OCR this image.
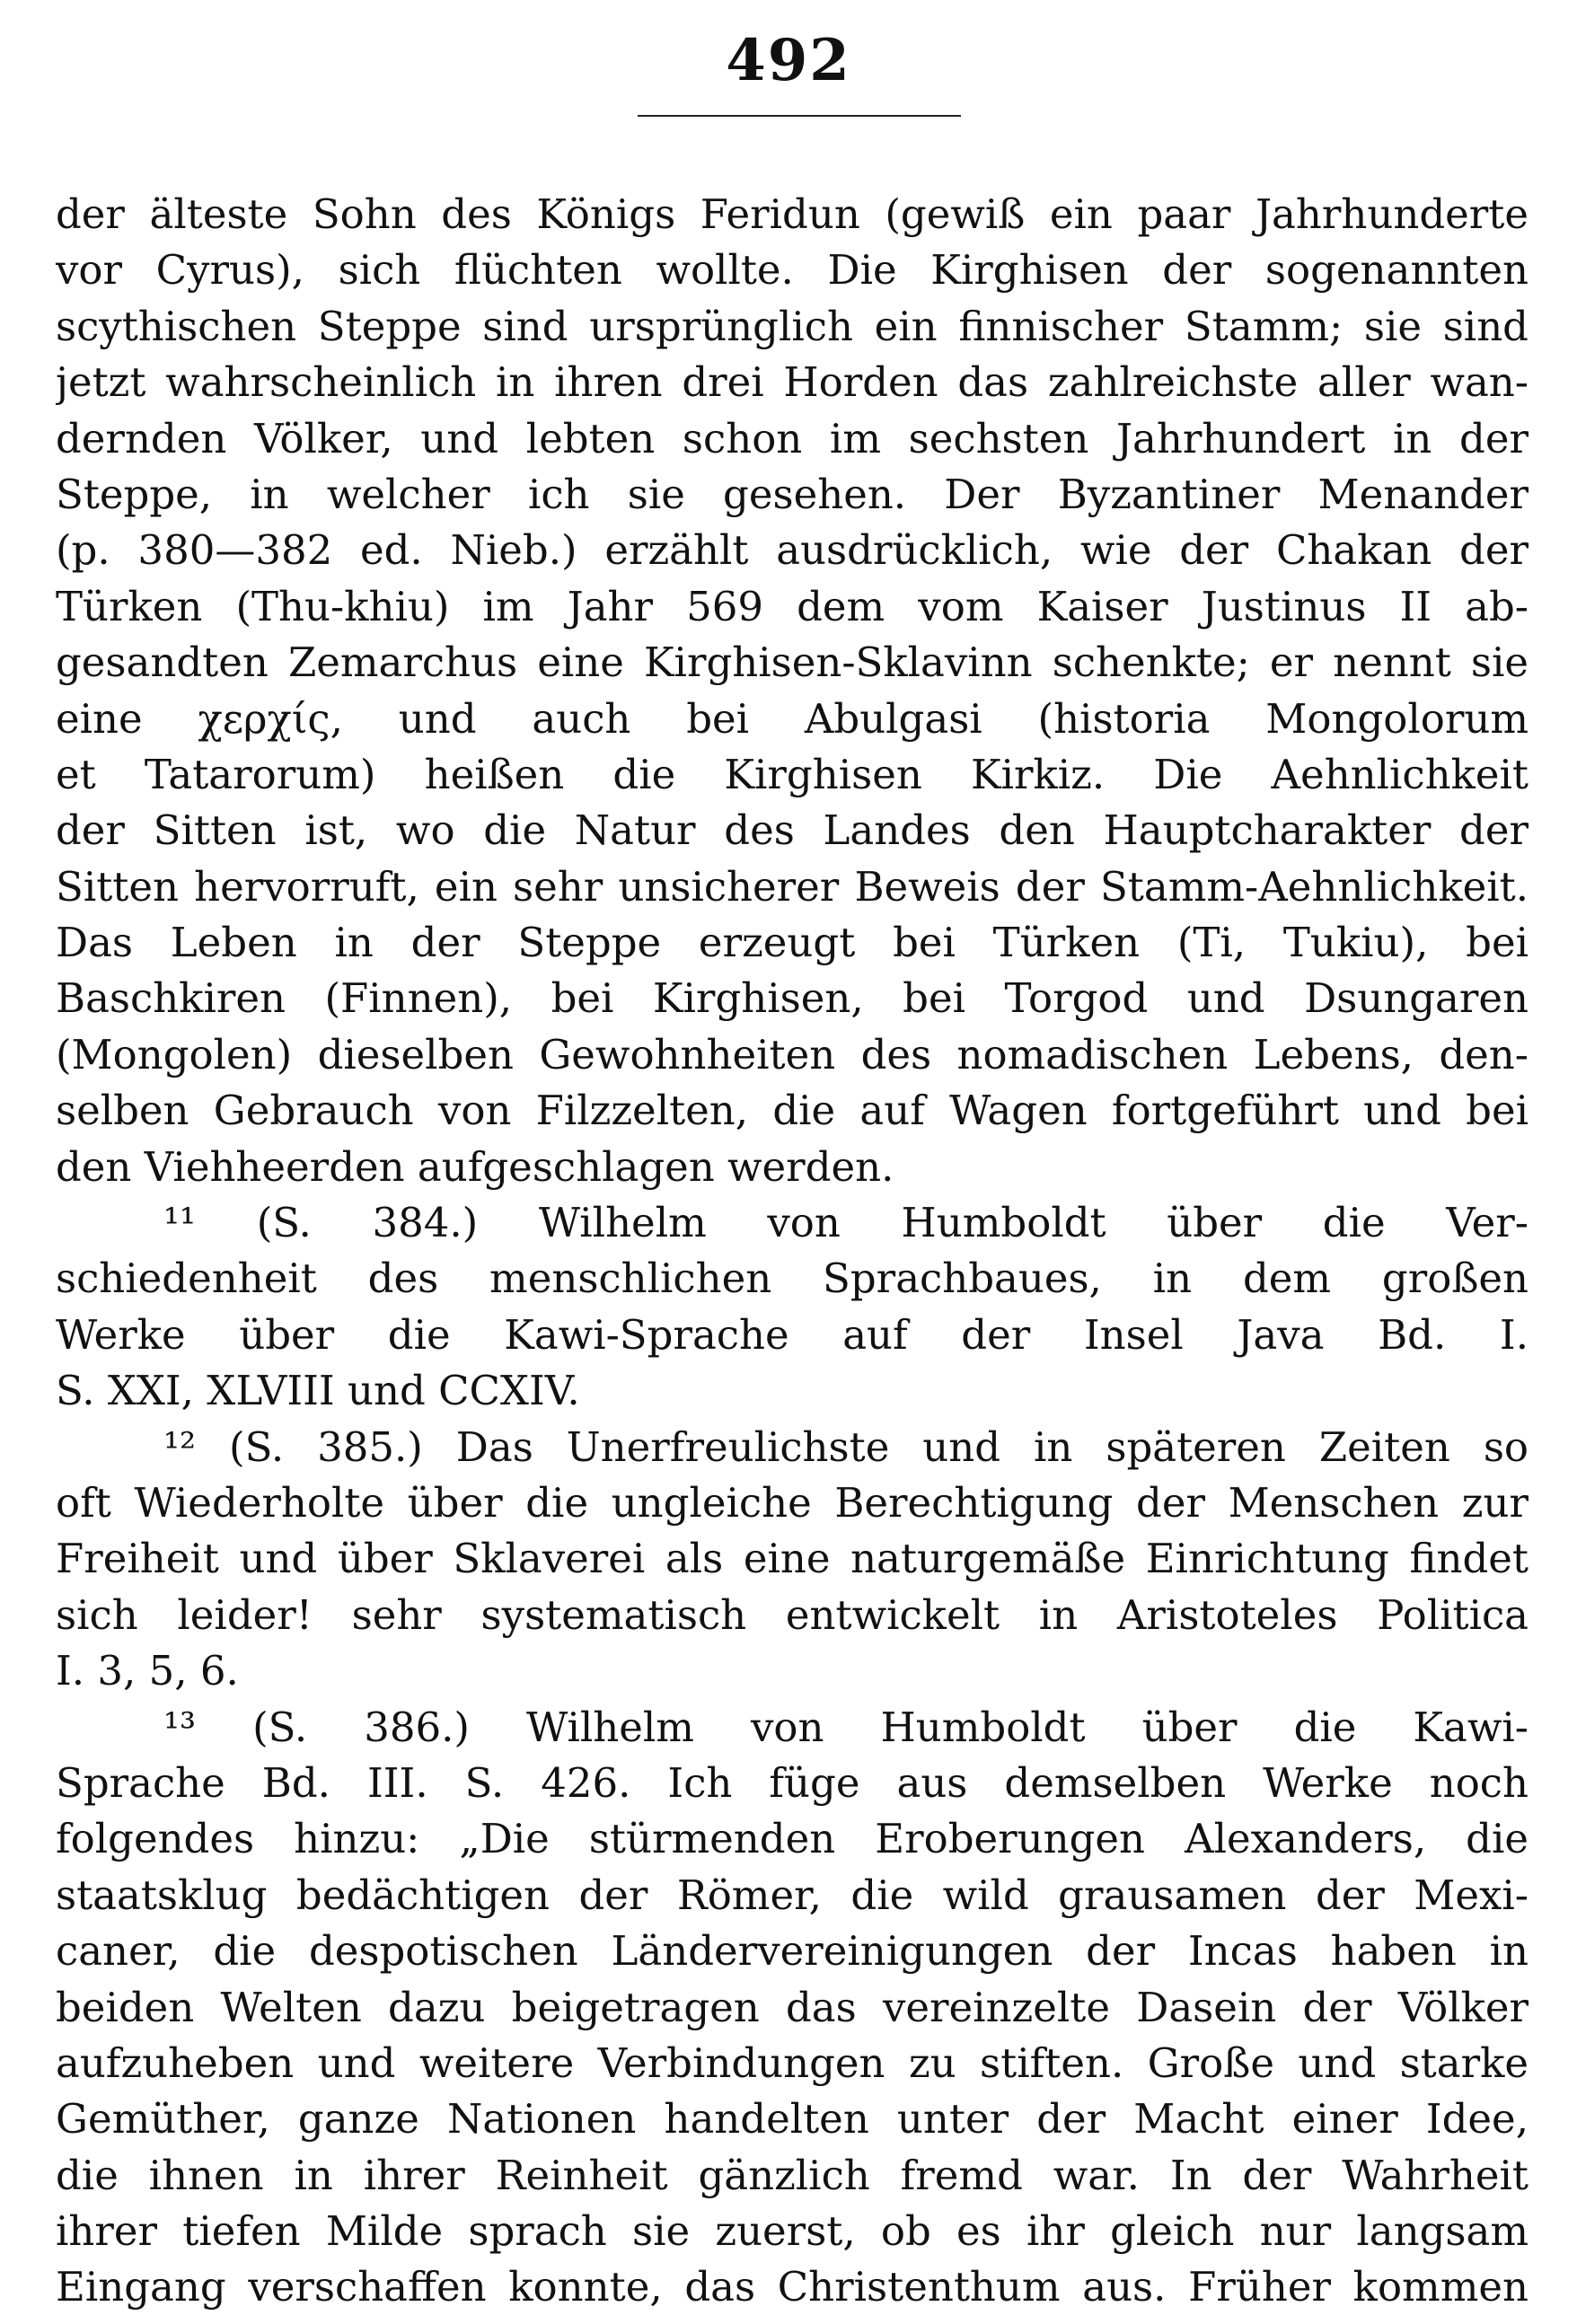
492
der älteste Sohn des Königs Feridun (gewiß ein paar Jahrhunderte
vor Cyrus), sich flüchten wollte. Die Kirghisen der sogenannten
scythischen Steppe sind ursprünglich ein finnischer Stamm; sie sind
jetzt wahrscheinlich in ihren drei Horden das zahlreichste aller wan-
dernden Völker, und lebten schon im sechsten Jahrhundert in der
Steppe, in welcher ich sie gesehen. Der Byzantiner Menander
(p. 380—382 ed. Nieb.) erzählt ausdrücklich, wie der Chakan der
Türken (Thu-khiu) im Jahr 569 dem vom Kaiser Justinus II ab-
gesandten Zemarchus eine Kirghisen-Sklavinn schenkte; er nennt sie
eine χερχίς, und auch bei Abulgasi (historia Mongolorum
et Tatarorum) heißen die Kirghisen Kirkiz. Die Aehnlichkeit
der Sitten ist, wo die Natur des Landes den Hauptcharakter der
Sitten hervorruft, ein sehr unsicherer Beweis der Stamm-Aehnlichkeit.
Das Leben in der Steppe erzeugt bei Türken (Ti, Tukiu), bei
Baschkiren (Finnen), bei Kirghisen, bei Torgod und Dsungaren
(Mongolen) dieselben Gewohnheiten des nomadischen Lebens, den-
selben Gebrauch von Filzzelten, die auf Wagen fortgeführt und bei
den Viehheerden aufgeschlagen werden.
¹¹ (S. 384.) Wilhelm von Humboldt über die Ver-
schiedenheit des menschlichen Sprachbaues, in dem großen
Werke über die Kawi-Sprache auf der Insel Java Bd. I.
S. XXI, XLVIII und CCXIV.
¹² (S. 385.) Das Unerfreulichste und in späteren Zeiten so
oft Wiederholte über die ungleiche Berechtigung der Menschen zur
Freiheit und über Sklaverei als eine naturgemäße Einrichtung findet
sich leider! sehr systematisch entwickelt in Aristoteles Politica
I. 3, 5, 6.
¹³ (S. 386.) Wilhelm von Humboldt über die Kawi-
Sprache Bd. III. S. 426. Ich füge aus demselben Werke noch
folgendes hinzu: „Die stürmenden Eroberungen Alexanders, die
staatsklug bedächtigen der Römer, die wild grausamen der Mexi-
caner, die despotischen Ländervereinigungen der Incas haben in
beiden Welten dazu beigetragen das vereinzelte Dasein der Völker
aufzuheben und weitere Verbindungen zu stiften. Große und starke
Gemüther, ganze Nationen handelten unter der Macht einer Idee,
die ihnen in ihrer Reinheit gänzlich fremd war. In der Wahrheit
ihrer tiefen Milde sprach sie zuerst, ob es ihr gleich nur langsam
Eingang verschaffen konnte, das Christenthum aus. Früher kommen
